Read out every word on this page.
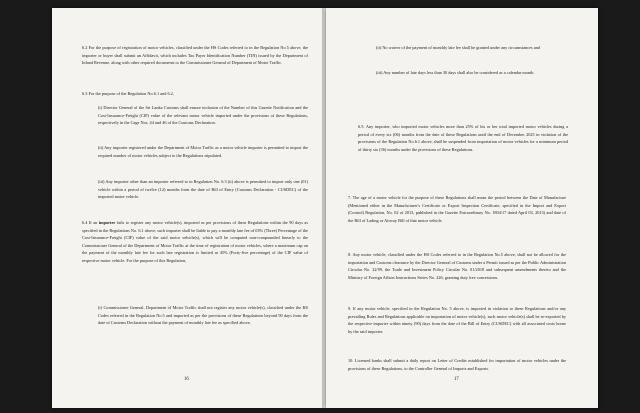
6.2 For the purpose of registration of motor vehicles, classified under the HS Codes referred to in the Regulation No.5 above, the importer or buyer shall submit an Affidavit, which includes Tax Payer Identification Number (TIN) issued by the Department of Inland Revenue, along with other required documents to the Commissioner General of Department of Motor Traffic.

6.3 For the purpose of the Regulation No.6.1 and 6.2,

(i) Director General of the Sri Lanka Customs shall ensure inclusion of the Number of this Gazette Notification and the Cost-Insurance-Freight (CIF) value of the relevant motor vehicle imported under the provisions of these Regulations, respectively in the Cage Nos. 44 and 46 of the Customs Declaration.

(ii) Any importer registered under the Department of Motor Traffic as a motor vehicle importer is permitted to import the required number of motor vehicles subject to the Regulations stipulated.

(iii) Any importer other than an importer referred to in Regulation No. 6.3 (ii) above is permitted to import only one (01) vehicle within a period of twelve (12) months from the date of Bill of Entry (Customs Declaration - CUSDEC) of the imported motor vehicle.

6.4 If an importer fails to register any motor vehicle(s), imported as per provisions of these Regulations within the 90 days as specified in the Regulations No. 6.1 above, such importer shall be liable to pay a monthly late fee of 03% (Three) Percentage of the Cost-Insurance-Freight (CIF) value of the said motor vehicle(s), which will be computed non-compounded linearly to the Commissioner General of the Department of Motor Traffic at the time of registration of motor vehicles, where a maximum cap on the payment of the monthly late fee for such late registration is limited at 45% (Forty-five percentage) of the CIF value of respective motor vehicle. For the purpose of this Regulation,

(i) Commissioner General, Department of Motor Traffic shall not register any motor vehicle(s), classified under the HS Codes referred in the Regulation No.5 and imported as per the provisions of these Regulations beyond 90 days from the date of Customs Declaration without the payment of monthly late fee as specified above,

16

(ii) No waiver of the payment of monthly late fee shall be granted under any circumstances and

(iii) Any number of late days less than 30 days shall also be considered as a calendar month.

6.5. Any importer, who imported motor vehicles more than 25% of his or her total imported motor vehicles during a period of every six (06) months from the date of these Regulations until the end of December 2025 in violation of the provisions of the Regulation No.6.1 above, shall be suspended from importation of motor vehicles for a minimum period of thirty six (36) months under the provisions of these Regulations.

7. The age of a motor vehicle for the purpose of these Regulations shall mean the period between the Date of Manufacture (Mentioned either in the Manufacturer's Certificate or Export Inspection Certificate, specified in the Import and Export (Control) Regulation, No. 02 of 2013, published in the Gazette Extraordinary No. 1804/17 dated April 03, 2013) and date of the Bill of Lading or Airway Bill of that motor vehicle.

8. Any motor vehicle, classified under the HS Codes referred to in the Regulation No.5 above, shall not be allowed for the importation and Customs clearance by the Director General of Customs under a Permit issued as per the Public Administration Circular No. 22/99, the Trade and Investment Policy Circular No. 01/2018 and subsequent amendments thereto and the Ministry of Foreign Affairs Instructions Series No. 226, granting duty free concessions.

9. If any motor vehicle, specified in the Regulation No. 5 above, is imported in violation to these Regulations and/or any prevailing Rules and Regulations applicable on importation of motor vehicle(s), such motor vehicle(s) shall be re-exported by the respective importer within ninety (90) days from the date of the Bill of Entry (CUSDEC) with all associated costs borne by the said importer.

10. Licensed banks shall submit a daily report on Letter of Credits established for importation of motor vehicles under the provisions of these Regulations, to the Controller General of Imports and Exports.

17
